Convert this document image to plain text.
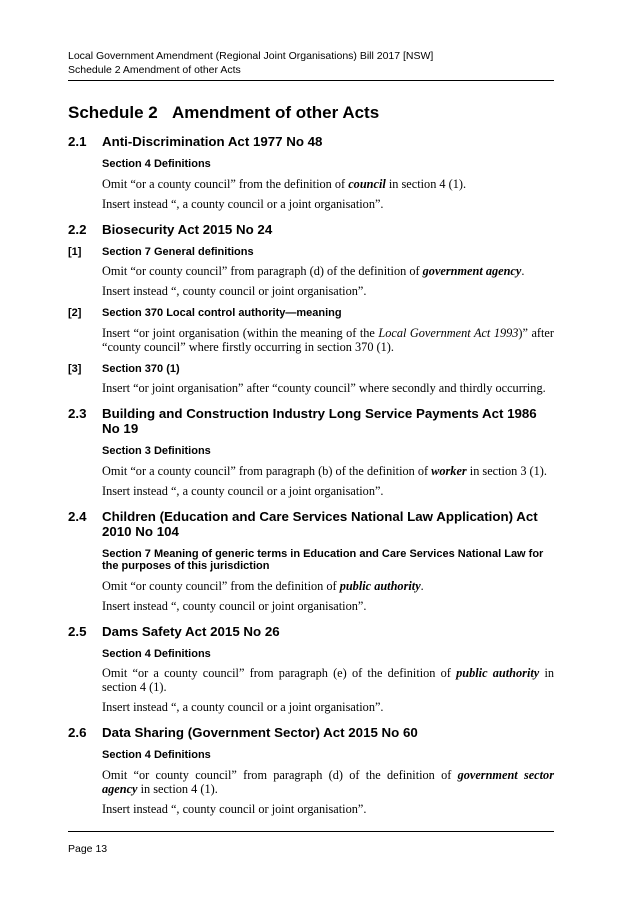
Local Government Amendment (Regional Joint Organisations) Bill 2017 [NSW]
Schedule 2 Amendment of other Acts
Schedule 2 Amendment of other Acts
2.1	Anti-Discrimination Act 1977 No 48
Section 4 Definitions
Omit “or a county council” from the definition of council in section 4 (1).
Insert instead “, a county council or a joint organisation”.
2.2	Biosecurity Act 2015 No 24
[1] Section 7 General definitions
Omit “or county council” from paragraph (d) of the definition of government agency.
Insert instead “, county council or joint organisation”.
[2] Section 370 Local control authority—meaning
Insert “or joint organisation (within the meaning of the Local Government Act 1993)” after “county council” where firstly occurring in section 370 (1).
[3] Section 370 (1)
Insert “or joint organisation” after “county council” where secondly and thirdly occurring.
2.3	Building and Construction Industry Long Service Payments Act 1986 No 19
Section 3 Definitions
Omit “or a county council” from paragraph (b) of the definition of worker in section 3 (1).
Insert instead “, a county council or a joint organisation”.
2.4	Children (Education and Care Services National Law Application) Act 2010 No 104
Section 7 Meaning of generic terms in Education and Care Services National Law for the purposes of this jurisdiction
Omit “or county council” from the definition of public authority.
Insert instead “, county council or joint organisation”.
2.5	Dams Safety Act 2015 No 26
Section 4 Definitions
Omit “or a county council” from paragraph (e) of the definition of public authority in section 4 (1).
Insert instead “, a county council or a joint organisation”.
2.6	Data Sharing (Government Sector) Act 2015 No 60
Section 4 Definitions
Omit “or county council” from paragraph (d) of the definition of government sector agency in section 4 (1).
Insert instead “, county council or joint organisation”.
Page 13
